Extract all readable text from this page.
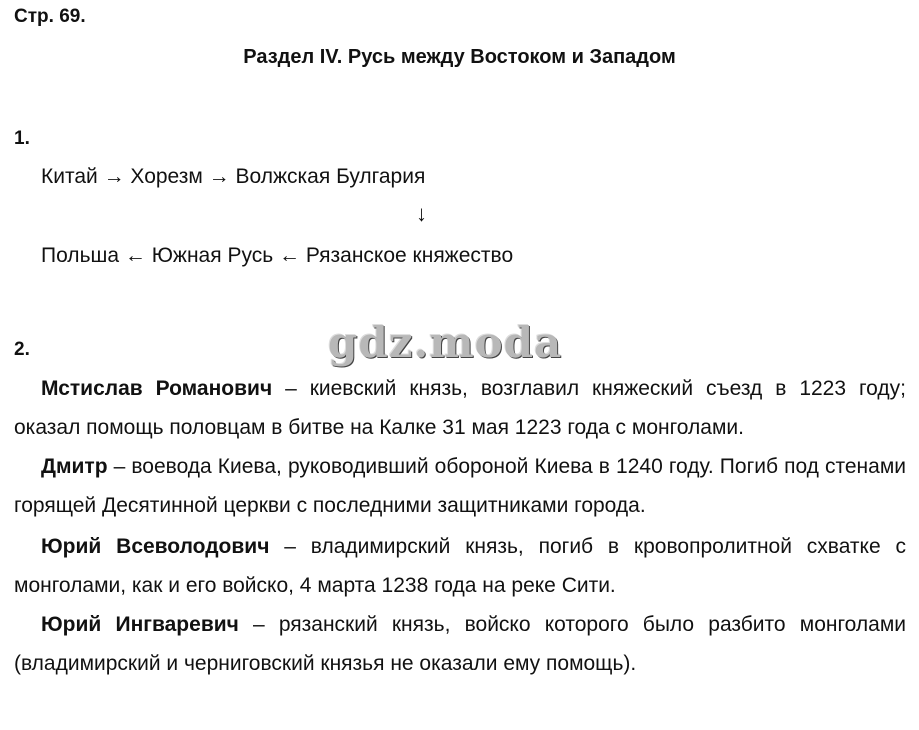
Стр. 69.
Раздел IV. Русь между Востоком и Западом
1.
Китай → Хорезм → Волжская Булгария
↓
Польша ← Южная Русь ← Рязанское княжество
gdz.moda
2.
Мстислав Романович – киевский князь, возглавил княжеский съезд в 1223 году; оказал помощь половцам в битве на Калке 31 мая 1223 года с монголами.
Дмитр – воевода Киева, руководивший обороной Киева в 1240 году. Погиб под стенами горящей Десятинной церкви с последними защитниками города.
Юрий Всеволодович – владимирский князь, погиб в кровопролитной схватке с монголами, как и его войско, 4 марта 1238 года на реке Сити.
Юрий Ингваревич – рязанский князь, войско которого было разбито монголами (владимирский и черниговский князья не оказали ему помощь).
